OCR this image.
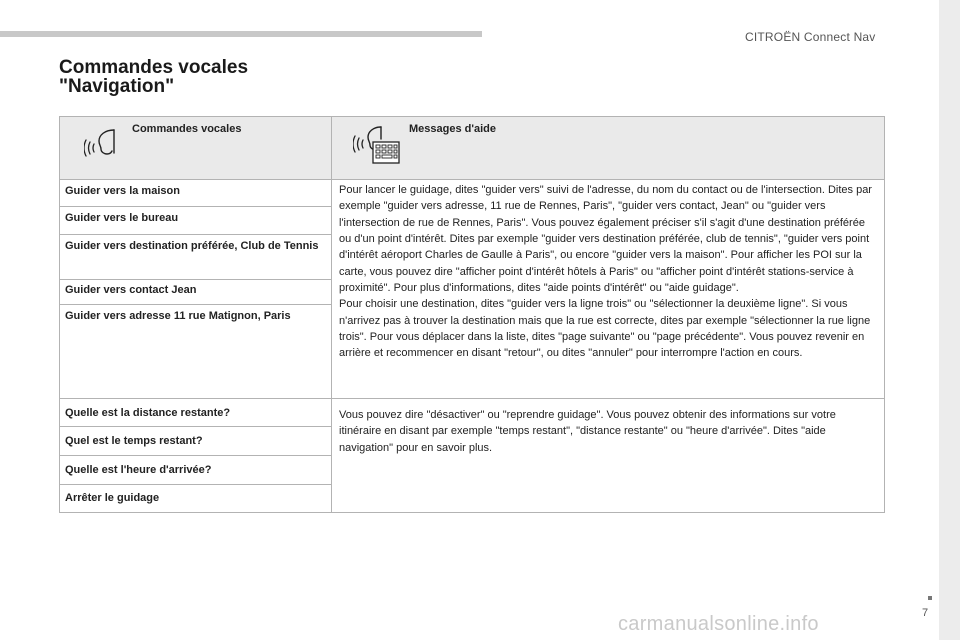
CITROËN Connect Nav
7
carmanualsonline.info
Commandes vocales
"Navigation"
Commandes vocales	Messages d'aide
Guider vers la maison
Guider vers le bureau
Guider vers destination préférée, Club de Tennis
Guider vers contact Jean
Guider vers adresse 11 rue Matignon, Paris

Pour lancer le guidage, dites "guider vers" suivi de l'adresse, du nom du contact ou de l'intersection. Dites par exemple "guider vers adresse, 11 rue de Rennes, Paris", "guider vers contact, Jean" ou "guider vers l'intersection de rue de Rennes, Paris". Vous pouvez également préciser s'il s'agit d'une destination préférée ou d'un point d'intérêt. Dites par exemple "guider vers destination préférée, club de tennis", "guider vers point d'intérêt aéroport Charles de Gaulle à Paris", ou encore "guider vers la maison". Pour afficher les POI sur la carte, vous pouvez dire "afficher point d'intérêt hôtels à Paris" ou "afficher point d'intérêt stations-service à proximité". Pour plus d'informations, dites "aide points d'intérêt" ou "aide guidage".
Pour choisir une destination, dites "guider vers la ligne trois" ou "sélectionner la deuxième ligne". Si vous n'arrivez pas à trouver la destination mais que la rue est correcte, dites par exemple "sélectionner la rue ligne trois". Pour vous déplacer dans la liste, dites "page suivante" ou "page précédente". Vous pouvez revenir en arrière et recommencer en disant "retour", ou dites "annuler" pour interrompre l'action en cours.

Quelle est la distance restante?
Quel est le temps restant?
Quelle est l'heure d'arrivée?
Arrêter le guidage

Vous pouvez dire "désactiver" ou "reprendre guidage". Vous pouvez obtenir des informations sur votre itinéraire en disant par exemple "temps restant", "distance restante" ou "heure d'arrivée". Dites "aide navigation" pour en savoir plus.
